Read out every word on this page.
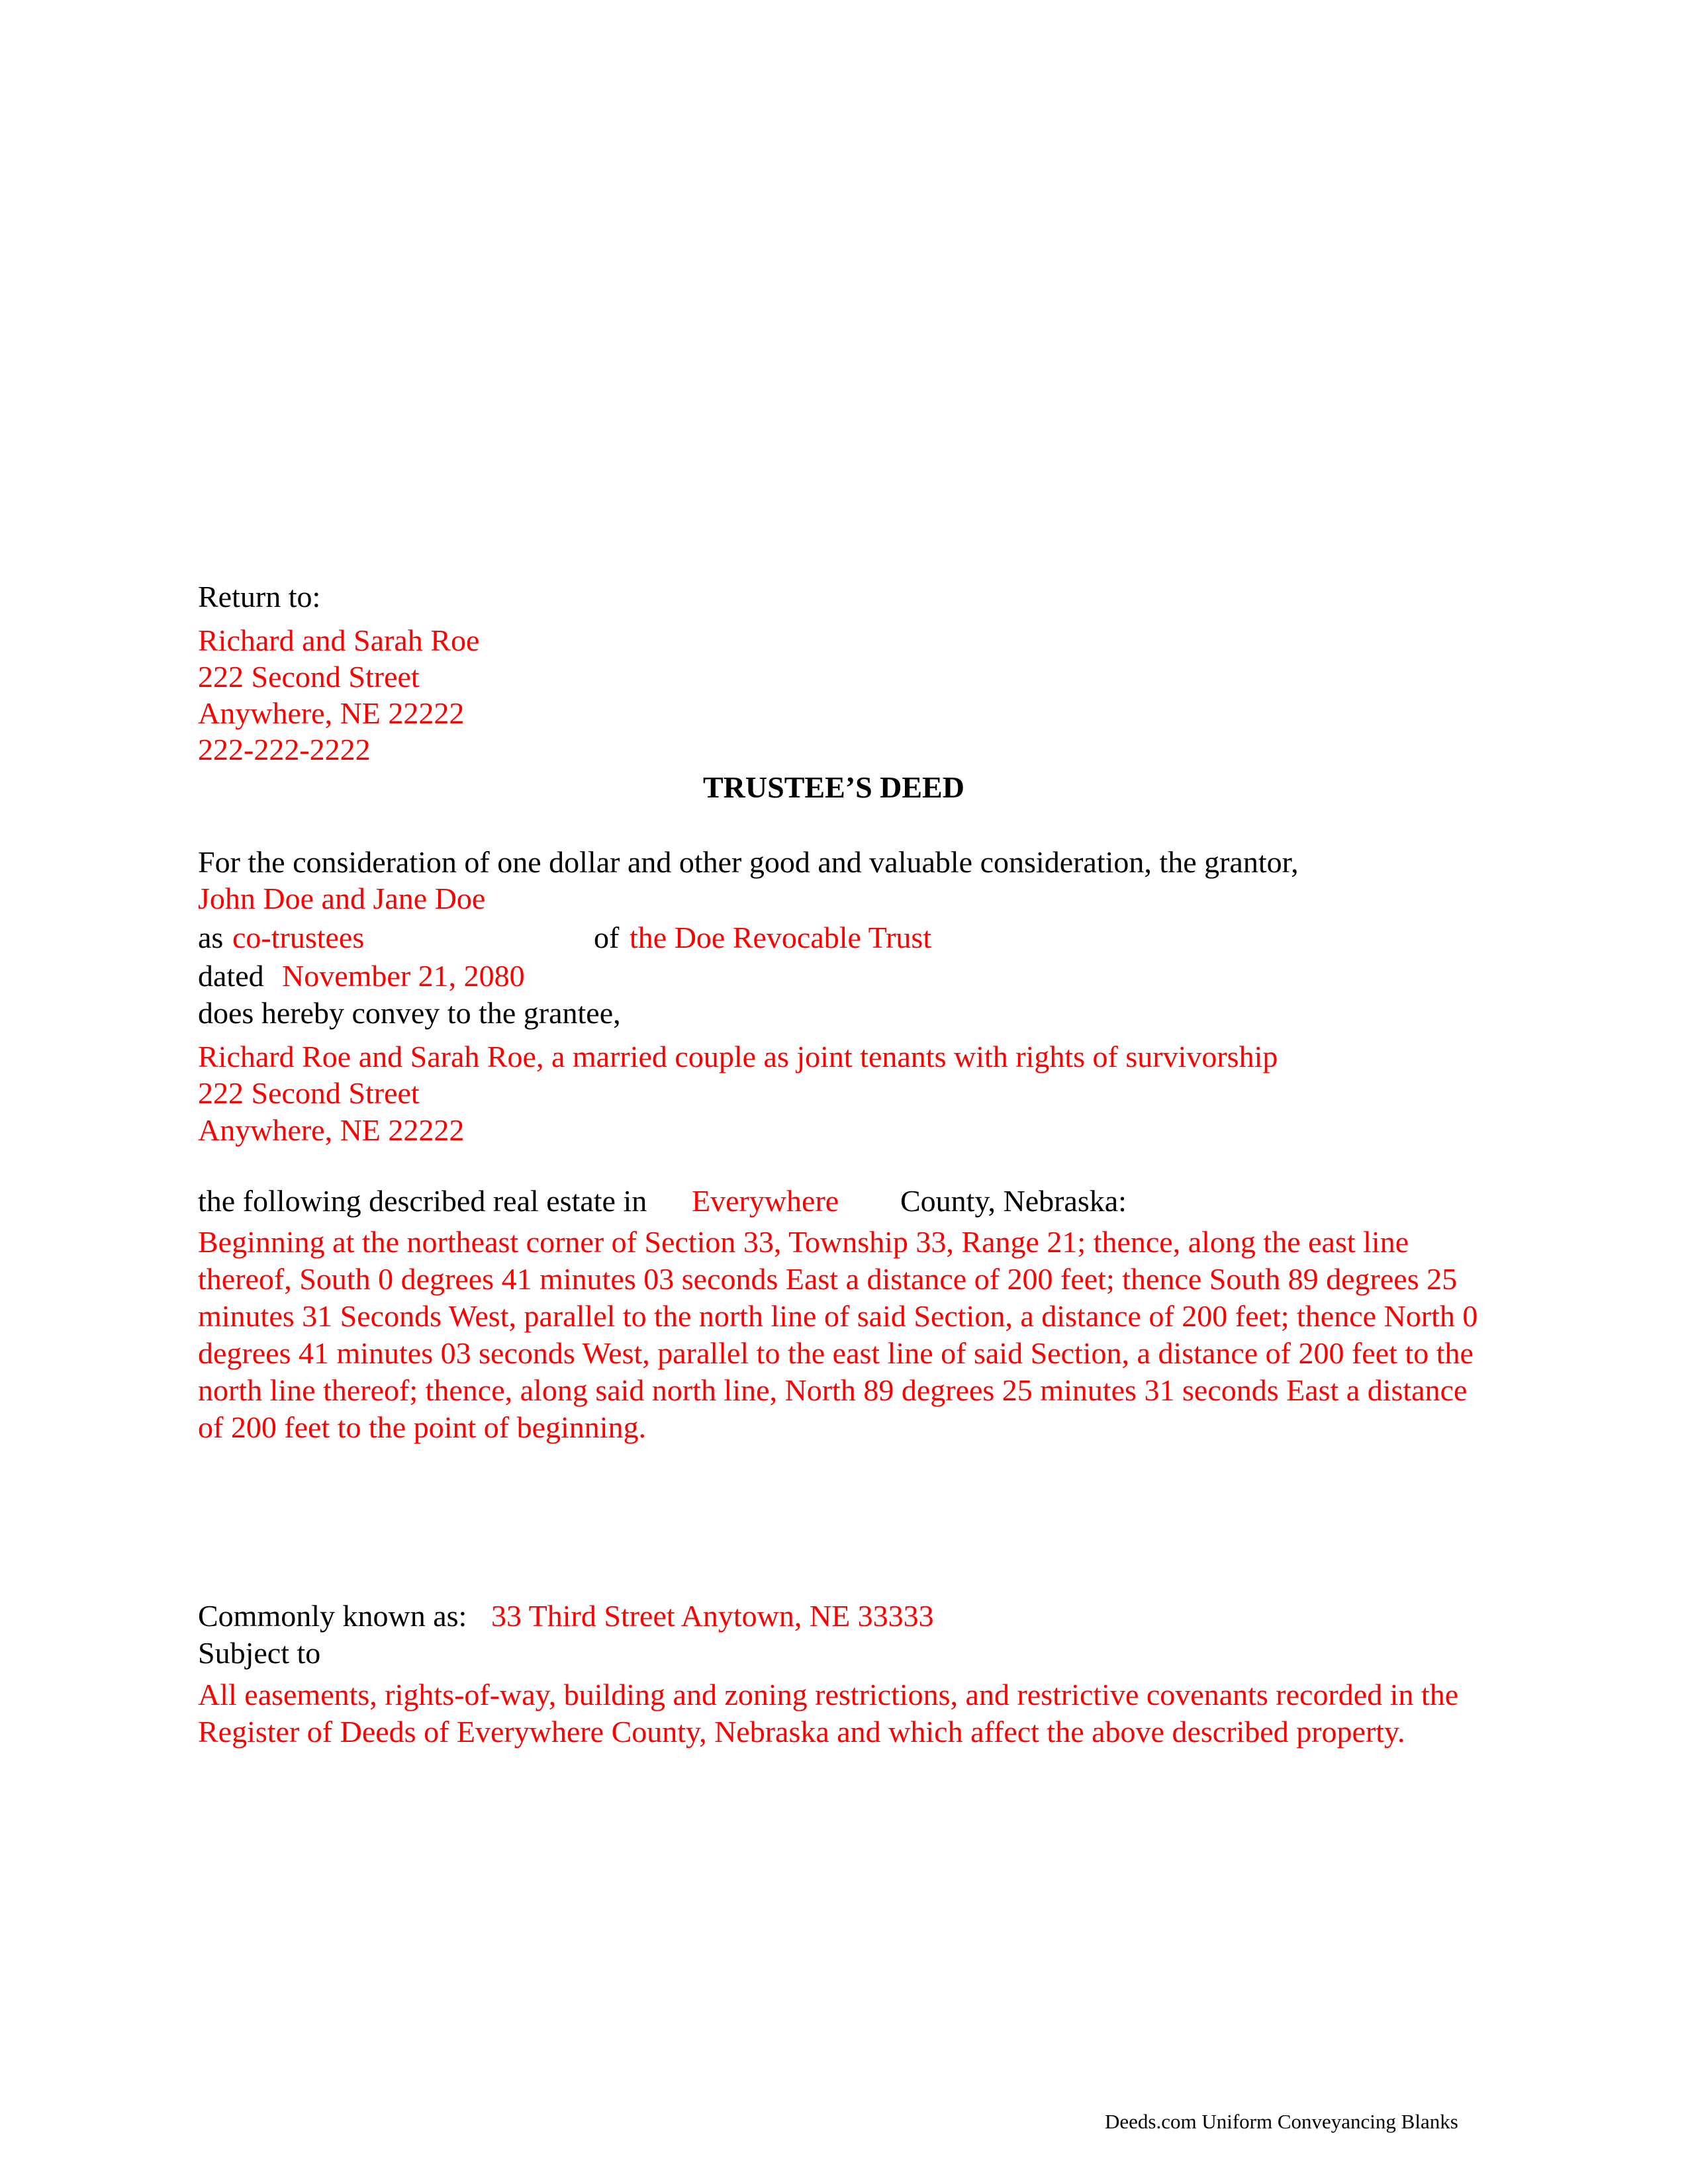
Return to:
Richard and Sarah Roe
222 Second Street
Anywhere, NE 22222
222-222-2222
TRUSTEE’S DEED
For the consideration of one dollar and other good and valuable consideration, the grantor,
John Doe and Jane Doe
as co-trustees	of the Doe Revocable Trust
dated November 21, 2080
does hereby convey to the grantee,
Richard Roe and Sarah Roe, a married couple as joint tenants with rights of survivorship
222 Second Street
Anywhere, NE 22222
the following described real estate in Everywhere County, Nebraska:
Beginning at the northeast corner of Section 33, Township 33, Range 21; thence, along the east line thereof, South 0 degrees 41 minutes 03 seconds East a distance of 200 feet; thence South 89 degrees 25 minutes 31 Seconds West, parallel to the north line of said Section, a distance of 200 feet; thence North 0 degrees 41 minutes 03 seconds West, parallel to the east line of said Section, a distance of 200 feet to the north line thereof; thence, along said north line, North 89 degrees 25 minutes 31 seconds East a distance of 200 feet to the point of beginning.
Commonly known as: 33 Third Street Anytown, NE 33333
Subject to
All easements, rights-of-way, building and zoning restrictions, and restrictive covenants recorded in the Register of Deeds of Everywhere County, Nebraska and which affect the above described property.
Deeds.com Uniform Conveyancing Blanks
